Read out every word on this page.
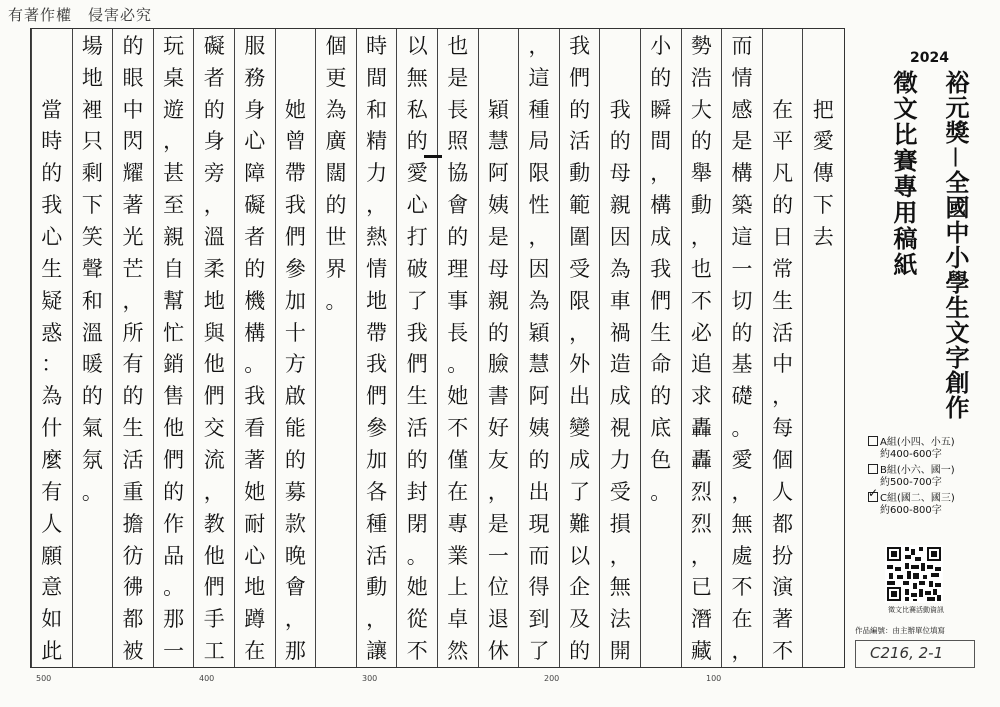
有著作權　侵害必究
把
愛
傳
下
去
在
平
凡
的
日
常
生
活
中
，
每
個
人
都
扮
演
著
不
而
情
感
是
構
築
這
一
切
的
基
礎
。
愛
，
無
處
不
在
，
勢
浩
大
的
舉
動
，
也
不
必
追
求
轟
轟
烈
烈
，
已
潛
藏
小
的
瞬
間
，
構
成
我
們
生
命
的
底
色
。
我
的
母
親
因
為
車
禍
造
成
視
力
受
損
，
無
法
開
我
們
的
活
動
範
圍
受
限
，
外
出
變
成
了
難
以
企
及
的
，
這
種
局
限
性
，
因
為
穎
慧
阿
姨
的
出
現
而
得
到
了
穎
慧
阿
姨
是
母
親
的
臉
書
好
友
，
是
一
位
退
休
也
是
長
照
協
會
的
理
事
長
。
她
不
僅
在
專
業
上
卓
然
以
無
私
的
愛
心
打
破
了
我
們
生
活
的
封
閉
。
她
從
不
時
間
和
精
力
，
熱
情
地
帶
我
們
參
加
各
種
活
動
，
讓
個
更
為
廣
闊
的
世
界
。
她
曾
帶
我
們
參
加
十
方
啟
能
的
募
款
晚
會
，
那
服
務
身
心
障
礙
者
的
機
構
。
我
看
著
她
耐
心
地
蹲
在
礙
者
的
身
旁
，
溫
柔
地
與
他
們
交
流
，
教
他
們
手
工
玩
桌
遊
，
甚
至
親
自
幫
忙
銷
售
他
們
的
作
品
。
那
一
的
眼
中
閃
耀
著
光
芒
，
所
有
的
生
活
重
擔
彷
彿
都
被
場
地
裡
只
剩
下
笑
聲
和
溫
暖
的
氣
氛
。
當
時
的
我
心
生
疑
惑
：
為
什
麼
有
人
願
意
如
此
500	400	300	200	100
2024
裕元獎－全國中小學生文字創作
徵文比賽專用稿紙
A組(小四、小五)
約400-600字
B組(小六、國一)
約500-700字
✓C組(國二、國三)
約600-800字
徵文比賽活動資訊
作品編號：由主辦單位填寫
C216, 2-1
